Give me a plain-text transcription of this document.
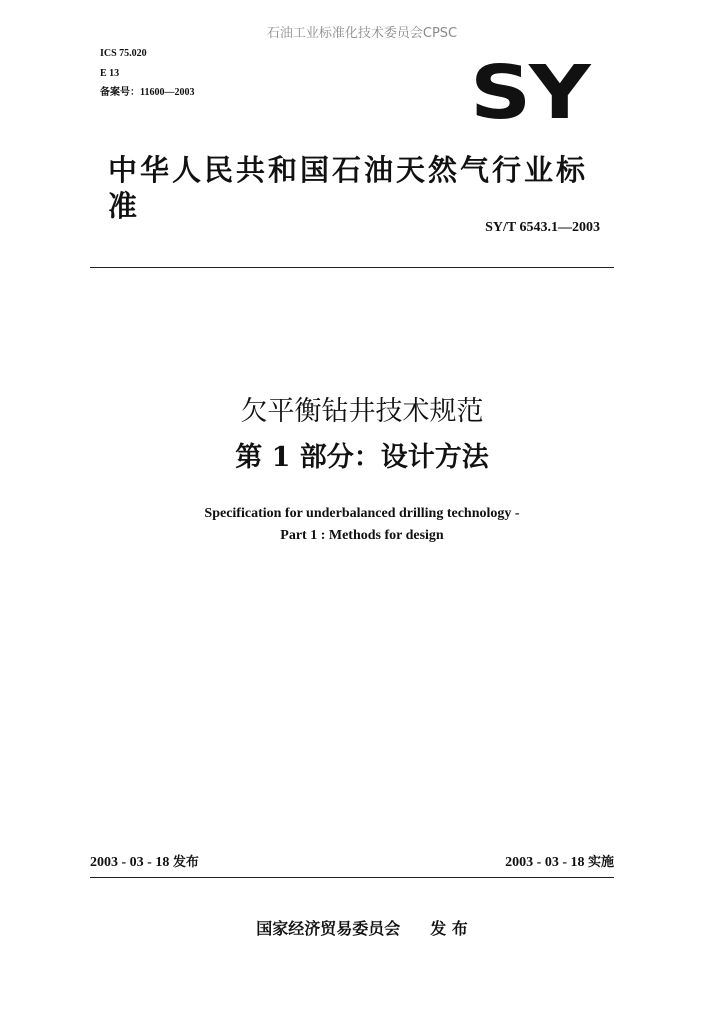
石油工业标准化技术委员会CPSC
ICS 75.020
E 13
备案号：11600—2003	SY
中华人民共和国石油天然气行业标准
SY/T 6543.1—2003
欠平衡钻井技术规范
第 1 部分：设计方法
Specification for underbalanced drilling technology -
Part 1 : Methods for design
2003 - 03 - 18 发布	2003 - 03 - 18 实施
国家经济贸易委员会 发 布
